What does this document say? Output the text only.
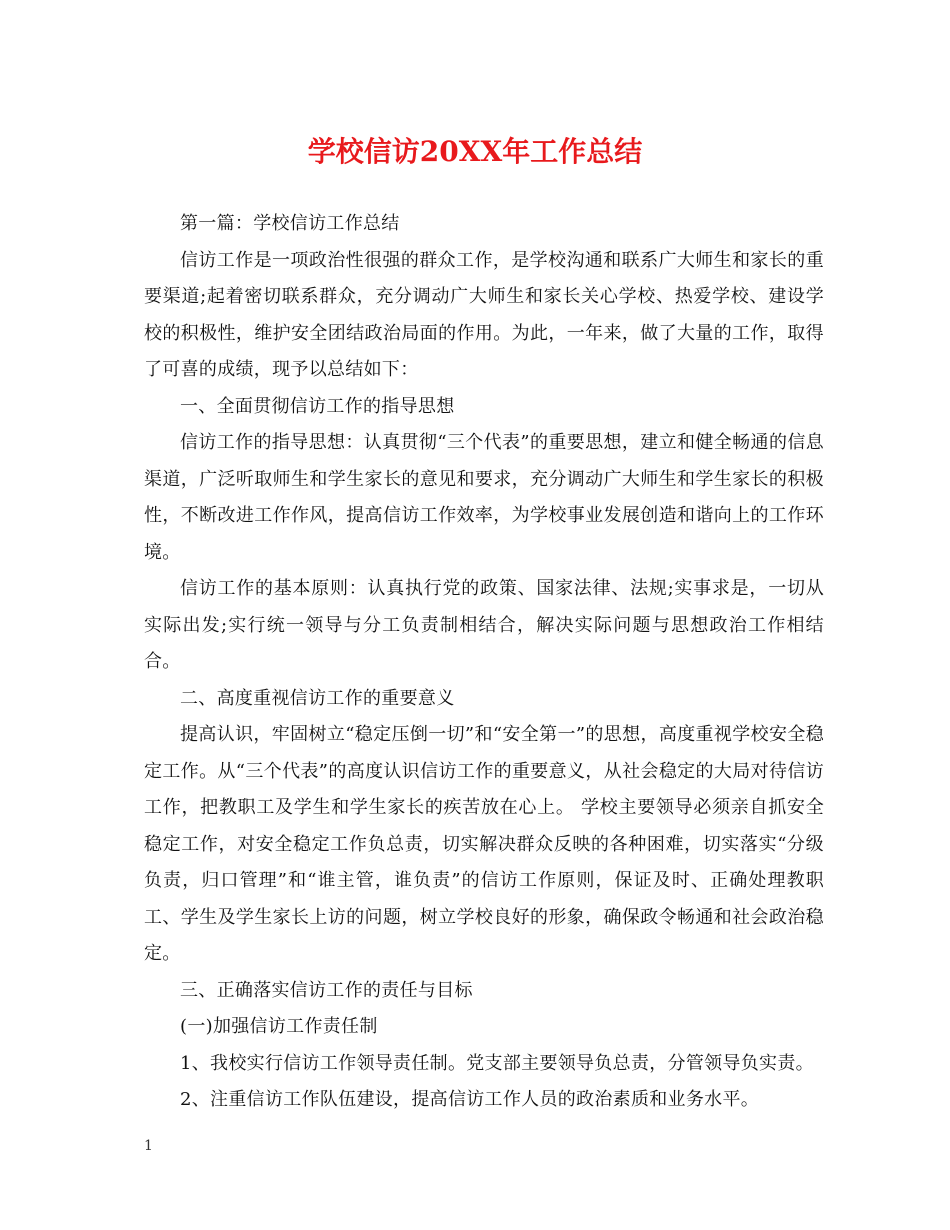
学校信访20XX年工作总结

第一篇：学校信访工作总结

信访工作是一项政治性很强的群众工作，是学校沟通和联系广大师生和家长的重要渠道;起着密切联系群众，充分调动广大师生和家长关心学校、热爱学校、建设学校的积极性，维护安全团结政治局面的作用。为此，一年来，做了大量的工作，取得了可喜的成绩，现予以总结如下：

一、全面贯彻信访工作的指导思想

信访工作的指导思想：认真贯彻“三个代表”的重要思想，建立和健全畅通的信息渠道，广泛听取师生和学生家长的意见和要求，充分调动广大师生和学生家长的积极性，不断改进工作作风，提高信访工作效率，为学校事业发展创造和谐向上的工作环境。

信访工作的基本原则：认真执行党的政策、国家法律、法规;实事求是，一切从实际出发;实行统一领导与分工负责制相结合，解决实际问题与思想政治工作相结合。

二、高度重视信访工作的重要意义

提高认识，牢固树立“稳定压倒一切”和“安全第一”的思想，高度重视学校安全稳定工作。从“三个代表”的高度认识信访工作的重要意义，从社会稳定的大局对待信访工作，把教职工及学生和学生家长的疾苦放在心上。 学校主要领导必须亲自抓安全稳定工作，对安全稳定工作负总责，切实解决群众反映的各种困难，切实落实“分级负责，归口管理”和“谁主管，谁负责”的信访工作原则，保证及时、正确处理教职工、学生及学生家长上访的问题，树立学校良好的形象，确保政令畅通和社会政治稳定。

三、正确落实信访工作的责任与目标

(一)加强信访工作责任制

1、我校实行信访工作领导责任制。党支部主要领导负总责，分管领导负实责。

2、注重信访工作队伍建设，提高信访工作人员的政治素质和业务水平。

1
